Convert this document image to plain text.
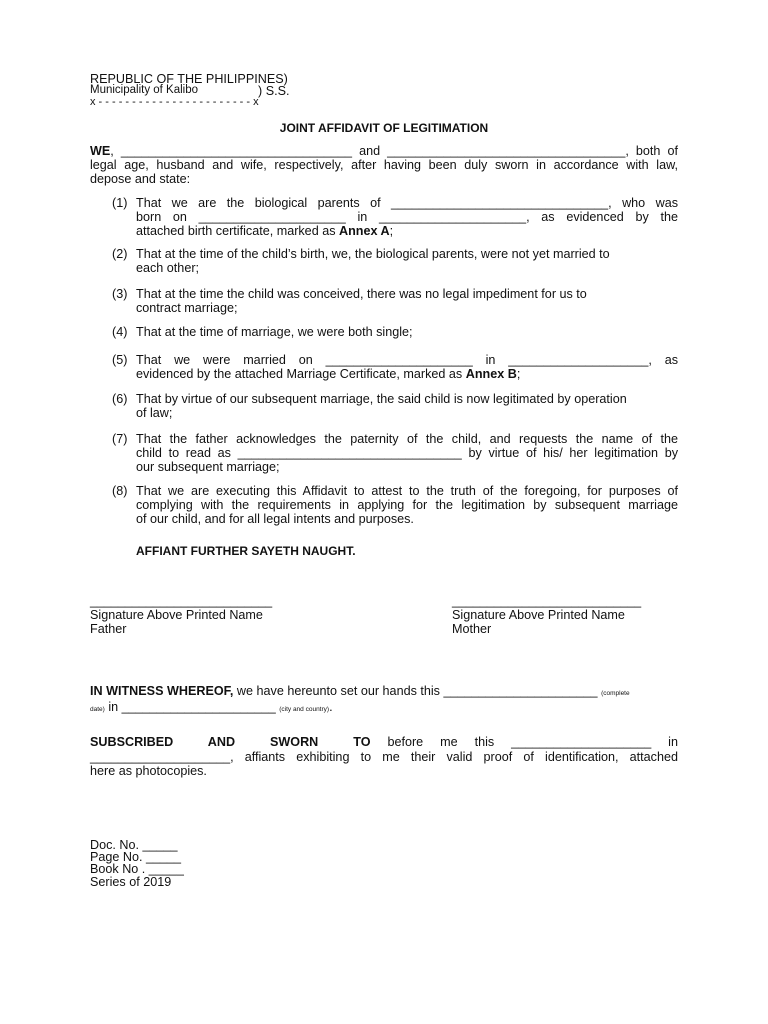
REPUBLIC OF THE PHILIPPINES)
Municipality of Kalibo	) S.S.
x - - - - - - - - - - - - - - - - - - - - - - - x
JOINT AFFIDAVIT OF LEGITIMATION
WE, _________________________________ and __________________________________, both of
legal age, husband and wife, respectively, after having been duly sworn in accordance with law,
depose and state:
(1) That we are the biological parents of _______________________________, who was
born on _____________________ in _____________________, as evidenced by the
attached birth certificate, marked as Annex A;
(2) That at the time of the child’s birth, we, the biological parents, were not yet married to
each other;
(3) That at the time the child was conceived, there was no legal impediment for us to
contract marriage;
(4) That at the time of marriage, we were both single;
(5) That we were married on _____________________ in ____________________, as
evidenced by the attached Marriage Certificate, marked as Annex B;
(6) That by virtue of our subsequent marriage, the said child is now legitimated by operation
of law;
(7) That the father acknowledges the paternity of the child, and requests the name of the
child to read as ________________________________ by virtue of his/ her legitimation by
our subsequent marriage;
(8) That we are executing this Affidavit to attest to the truth of the foregoing, for purposes of
complying with the requirements in applying for the legitimation by subsequent marriage
of our child, and for all legal intents and purposes.
AFFIANT FURTHER SAYETH NAUGHT.
__________________________
Signature Above Printed Name
Father
___________________________
Signature Above Printed Name
Mother
IN WITNESS WHEREOF, we have hereunto set our hands this ______________________ (complete
date) in ______________________ (city and country).
SUBSCRIBED AND SWORN TO before me this ____________________ in
____________________, affiants exhibiting to me their valid proof of identification, attached
here as photocopies.
Doc. No. _____
Page No. _____
Book No . _____
Series of 2019
